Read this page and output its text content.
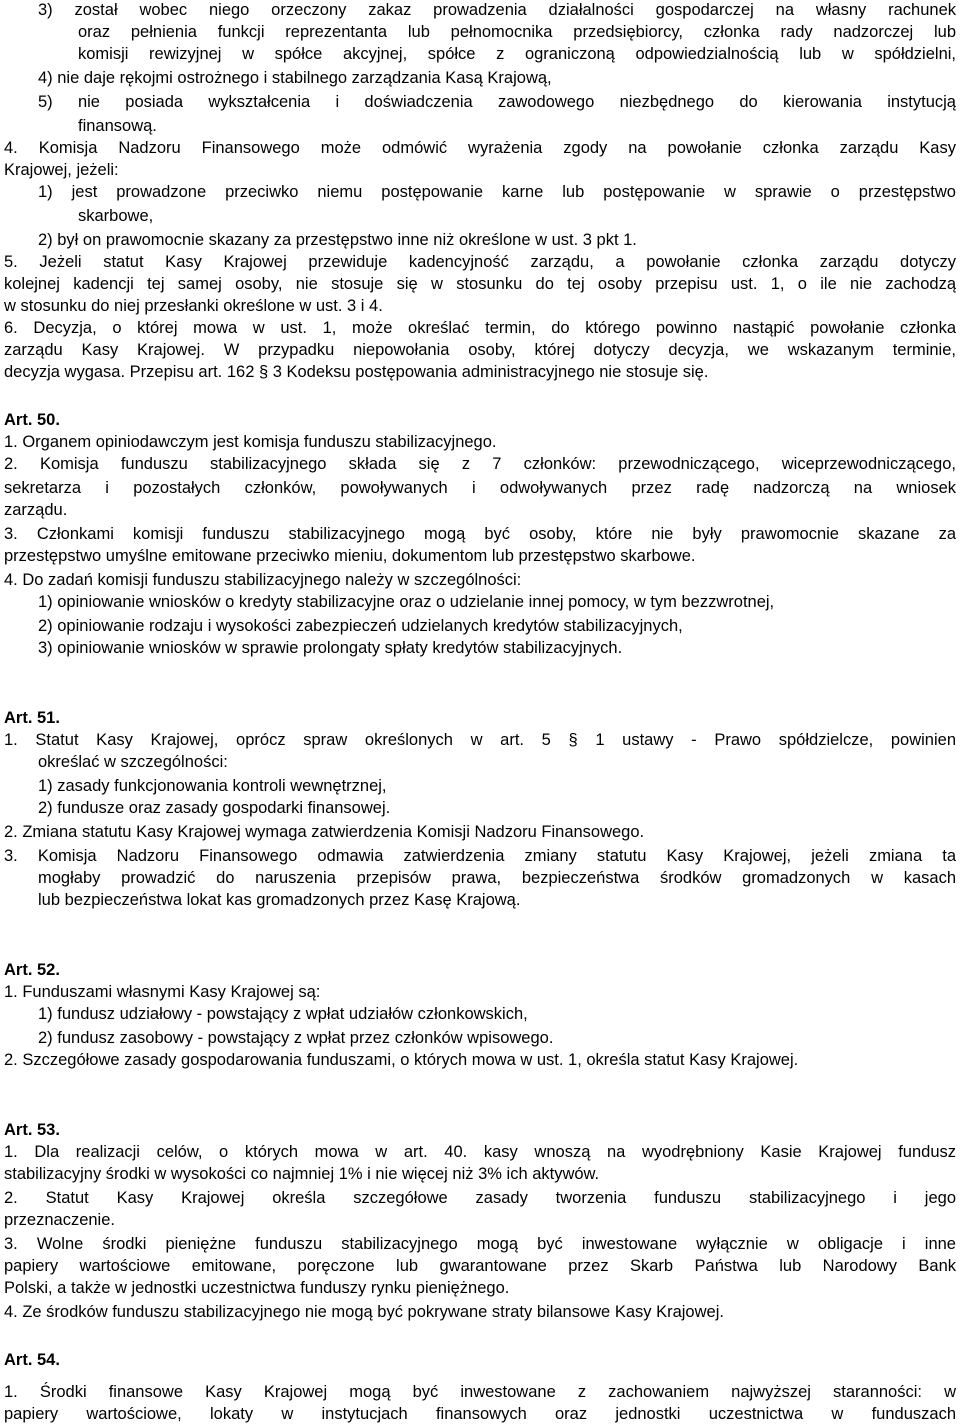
3) został wobec niego orzeczony zakaz prowadzenia działalności gospodarczej na własny rachunek
oraz pełnienia funkcji reprezentanta lub pełnomocnika przedsiębiorcy, członka rady nadzorczej lub
komisji rewizyjnej w spółce akcyjnej, spółce z ograniczoną odpowiedzialnością lub w spółdzielni,
4) nie daje rękojmi ostrożnego i stabilnego zarządzania Kasą Krajową,
5) nie posiada wykształcenia i doświadczenia zawodowego niezbędnego do kierowania instytucją
finansową.
4. Komisja Nadzoru Finansowego może odmówić wyrażenia zgody na powołanie członka zarządu Kasy
Krajowej, jeżeli:
1) jest prowadzone przeciwko niemu postępowanie karne lub postępowanie w sprawie o przestępstwo
skarbowe,
2) był on prawomocnie skazany za przestępstwo inne niż określone w ust. 3 pkt 1.
5. Jeżeli statut Kasy Krajowej przewiduje kadencyjność zarządu, a powołanie członka zarządu dotyczy
kolejnej kadencji tej samej osoby, nie stosuje się w stosunku do tej osoby przepisu ust. 1, o ile nie zachodzą
w stosunku do niej przesłanki określone w ust. 3 i 4.
6. Decyzja, o której mowa w ust. 1, może określać termin, do którego powinno nastąpić powołanie członka
zarządu Kasy Krajowej. W przypadku niepowołania osoby, której dotyczy decyzja, we wskazanym terminie,
decyzja wygasa. Przepisu art. 162 § 3 Kodeksu postępowania administracyjnego nie stosuje się.
Art. 50.
1. Organem opiniodawczym jest komisja funduszu stabilizacyjnego.
2. Komisja funduszu stabilizacyjnego składa się z 7 członków: przewodniczącego, wiceprzewodniczącego,
sekretarza i pozostałych członków, powoływanych i odwoływanych przez radę nadzorczą na wniosek
zarządu.
3. Członkami komisji funduszu stabilizacyjnego mogą być osoby, które nie były prawomocnie skazane za
przestępstwo umyślne emitowane przeciwko mieniu, dokumentom lub przestępstwo skarbowe.
4. Do zadań komisji funduszu stabilizacyjnego należy w szczególności:
1) opiniowanie wniosków o kredyty stabilizacyjne oraz o udzielanie innej pomocy, w tym bezzwrotnej,
2) opiniowanie rodzaju i wysokości zabezpieczeń udzielanych kredytów stabilizacyjnych,
3) opiniowanie wniosków w sprawie prolongaty spłaty kredytów stabilizacyjnych.
Art. 51.
1. Statut Kasy Krajowej, oprócz spraw określonych w art. 5 § 1 ustawy - Prawo spółdzielcze, powinien
określać w szczególności:
1) zasady funkcjonowania kontroli wewnętrznej,
2) fundusze oraz zasady gospodarki finansowej.
2. Zmiana statutu Kasy Krajowej wymaga zatwierdzenia Komisji Nadzoru Finansowego.
3. Komisja Nadzoru Finansowego odmawia zatwierdzenia zmiany statutu Kasy Krajowej, jeżeli zmiana ta
mogłaby prowadzić do naruszenia przepisów prawa, bezpieczeństwa środków gromadzonych w kasach
lub bezpieczeństwa lokat kas gromadzonych przez Kasę Krajową.
Art. 52.
1. Funduszami własnymi Kasy Krajowej są:
1) fundusz udziałowy - powstający z wpłat udziałów członkowskich,
2) fundusz zasobowy - powstający z wpłat przez członków wpisowego.
2. Szczegółowe zasady gospodarowania funduszami, o których mowa w ust. 1, określa statut Kasy Krajowej.
Art. 53.
1. Dla realizacji celów, o których mowa w art. 40. kasy wnoszą na wyodrębniony Kasie Krajowej fundusz
stabilizacyjny środki w wysokości co najmniej 1% i nie więcej niż 3% ich aktywów.
2. Statut Kasy Krajowej określa szczegółowe zasady tworzenia funduszu stabilizacyjnego i jego
przeznaczenie.
3. Wolne środki pieniężne funduszu stabilizacyjnego mogą być inwestowane wyłącznie w obligacje i inne
papiery wartościowe emitowane, poręczone lub gwarantowane przez Skarb Państwa lub Narodowy Bank
Polski, a także w jednostki uczestnictwa funduszy rynku pieniężnego.
4. Ze środków funduszu stabilizacyjnego nie mogą być pokrywane straty bilansowe Kasy Krajowej.
Art. 54.
1. Środki finansowe Kasy Krajowej mogą być inwestowane z zachowaniem najwyższej staranności: w
papiery wartościowe, lokaty w instytucjach finansowych oraz jednostki uczestnictwa w funduszach
